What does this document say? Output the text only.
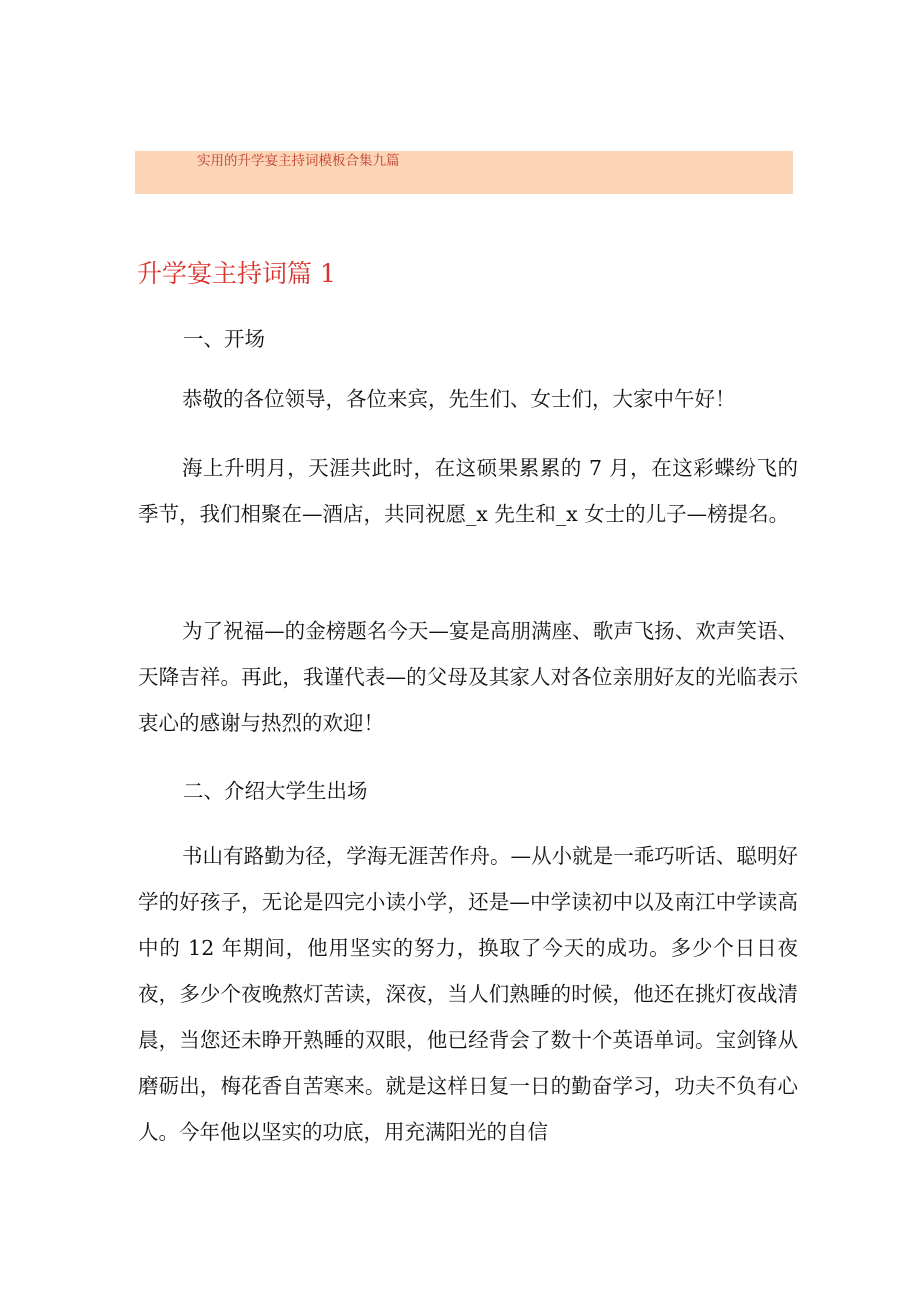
实用的升学宴主持词模板合集九篇
升学宴主持词篇 1

一、开场

恭敬的各位领导，各位来宾，先生们、女士们，大家中午好！

海上升明月，天涯共此时，在这硕果累累的 7 月，在这彩蝶纷飞的季节，我们相聚在—酒店，共同祝愿_x 先生和_x 女士的儿子—榜提名。

为了祝福—的金榜题名今天—宴是高朋满座、歌声飞扬、欢声笑语、天降吉祥。再此，我谨代表—的父母及其家人对各位亲朋好友的光临表示衷心的感谢与热烈的欢迎！

二、介绍大学生出场

书山有路勤为径，学海无涯苦作舟。—从小就是一乖巧听话、聪明好学的好孩子，无论是四完小读小学，还是—中学读初中以及南江中学读高中的 12 年期间，他用坚实的努力，换取了今天的成功。多少个日日夜夜，多少个夜晚熬灯苦读，深夜，当人们熟睡的时候，他还在挑灯夜战清晨，当您还未睁开熟睡的双眼，他已经背会了数十个英语单词。宝剑锋从磨砺出，梅花香自苦寒来。就是这样日复一日的勤奋学习，功夫不负有心人。今年他以坚实的功底，用充满阳光的自信
